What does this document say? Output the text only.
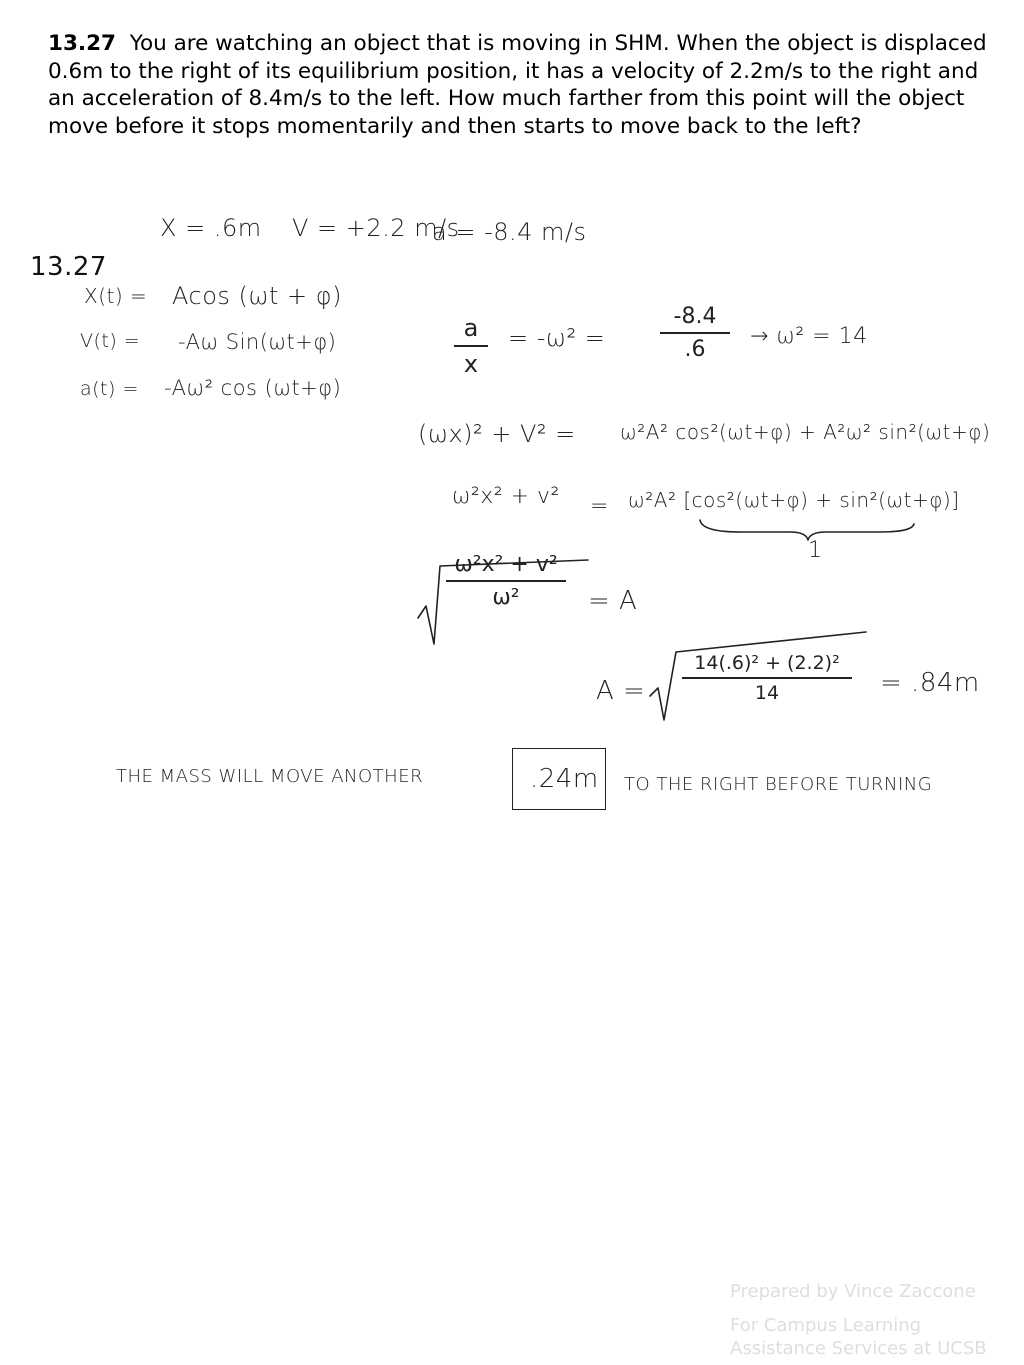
13.27 You are watching an object that is moving in SHM. When the object is displaced 0.6m to the right of its equilibrium position, it has a velocity of 2.2m/s to the right and an acceleration of 8.4m/s to the left. How much farther from this point will the object move before it stops momentarily and then starts to move back to the left?
X = .6m V = +2.2 m/s
a = -8.4 m/s
13.27
X(t) = Acos (ωt + φ)
V(t) = -Aω Sin(ωt+φ)
a(t) = -Aω² cos (ωt+φ)
a
x
= -ω² =
-8.4
.6	→ ω² = 14
(ωx)² + V² = ω²A² cos²(ωt+φ) + A²ω² sin²(ωt+φ)
ω²x² + v² = ω²A² [cos²(ωt+φ) + sin²(ωt+φ)]
1
ω²x² + v²
ω²	= A
A =
14(.6)² + (2.2)²
14	= .84m
THE MASS WILL MOVE ANOTHER	.24m TO THE RIGHT BEFORE TURNING
Prepared by Vince Zaccone
For Campus Learning
Assistance Services at UCSB
